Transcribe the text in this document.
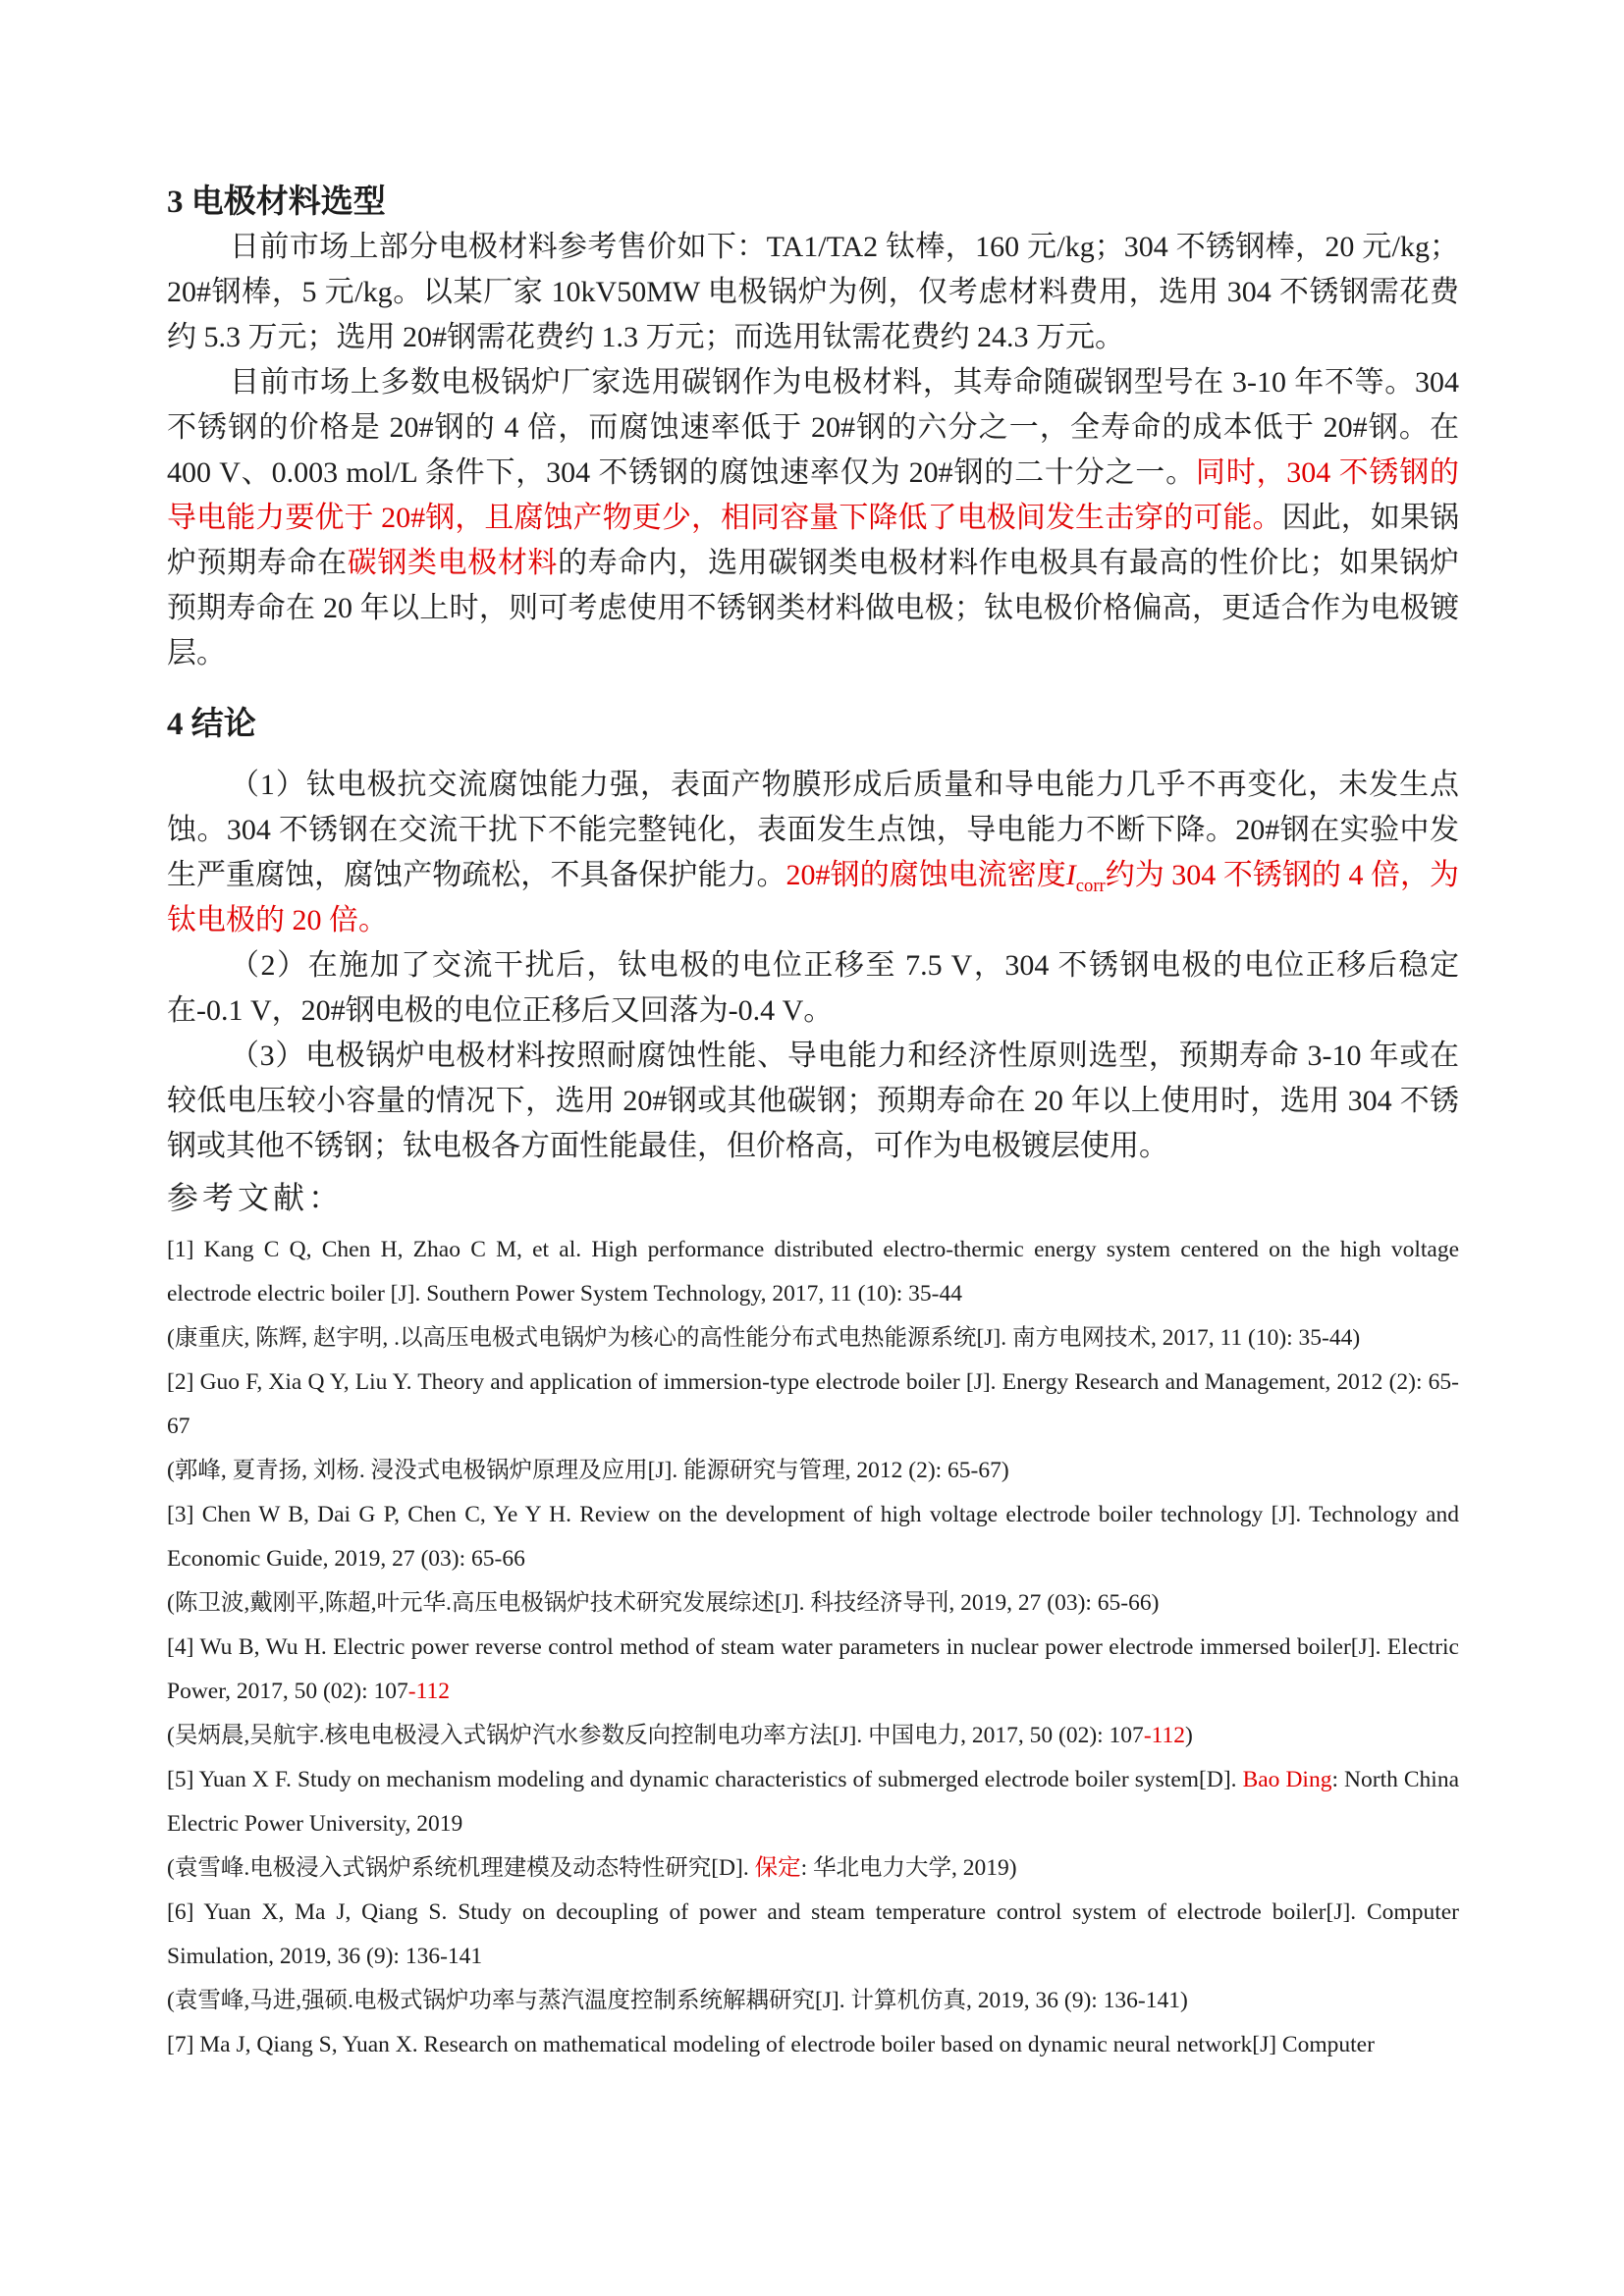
3 电极材料选型

日前市场上部分电极材料参考售价如下：TA1/TA2 钛棒，160 元/kg；304 不锈钢棒，20 元/kg；20#钢棒，5 元/kg。以某厂家 10kV50MW 电极锅炉为例，仅考虑材料费用，选用 304 不锈钢需花费约 5.3 万元；选用 20#钢需花费约 1.3 万元；而选用钛需花费约 24.3 万元。

目前市场上多数电极锅炉厂家选用碳钢作为电极材料，其寿命随碳钢型号在 3-10 年不等。304 不锈钢的价格是 20#钢的 4 倍，而腐蚀速率低于 20#钢的六分之一，全寿命的成本低于 20#钢。在 400 V、0.003 mol/L 条件下，304 不锈钢的腐蚀速率仅为 20#钢的二十分之一。同时，304 不锈钢的导电能力要优于 20#钢，且腐蚀产物更少，相同容量下降低了电极间发生击穿的可能。因此，如果锅炉预期寿命在碳钢类电极材料的寿命内，选用碳钢类电极材料作电极具有最高的性价比；如果锅炉预期寿命在 20 年以上时，则可考虑使用不锈钢类材料做电极；钛电极价格偏高，更适合作为电极镀层。

4 结论

（1）钛电极抗交流腐蚀能力强，表面产物膜形成后质量和导电能力几乎不再变化，未发生点蚀。304 不锈钢在交流干扰下不能完整钝化，表面发生点蚀，导电能力不断下降。20#钢在实验中发生严重腐蚀，腐蚀产物疏松，不具备保护能力。20#钢的腐蚀电流密度$I_{corr}$约为 304 不锈钢的 4 倍，为钛电极的 20 倍。

（2）在施加了交流干扰后，钛电极的电位正移至 7.5 V，304 不锈钢电极的电位正移后稳定在-0.1 V，20#钢电极的电位正移后又回落为-0.4 V。

（3）电极锅炉电极材料按照耐腐蚀性能、导电能力和经济性原则选型，预期寿命 3-10 年或在较低电压较小容量的情况下，选用 20#钢或其他碳钢；预期寿命在 20 年以上使用时，选用 304 不锈钢或其他不锈钢；钛电极各方面性能最佳，但价格高，可作为电极镀层使用。

参考文献：

[1] Kang C Q, Chen H, Zhao C M, et al. High performance distributed electro-thermic energy system centered on the high voltage electrode electric boiler [J]. Southern Power System Technology, 2017, 11 (10): 35-44

(康重庆, 陈辉, 赵宇明, .以高压电极式电锅炉为核心的高性能分布式电热能源系统[J]. 南方电网技术, 2017, 11 (10): 35-44)

[2] Guo F, Xia Q Y, Liu Y. Theory and application of immersion-type electrode boiler [J]. Energy Research and Management, 2012 (2): 65-67

(郭峰, 夏青扬, 刘杨. 浸没式电极锅炉原理及应用[J]. 能源研究与管理, 2012 (2): 65-67)

[3] Chen W B, Dai G P, Chen C, Ye Y H. Review on the development of high voltage electrode boiler technology [J]. Technology and Economic Guide, 2019, 27 (03): 65-66

(陈卫波,戴刚平,陈超,叶元华.高压电极锅炉技术研究发展综述[J]. 科技经济导刊, 2019, 27 (03): 65-66)

[4] Wu B, Wu H. Electric power reverse control method of steam water parameters in nuclear power electrode immersed boiler[J]. Electric Power, 2017, 50 (02): 107-112

(吴炳晨,吴航宇.核电电极浸入式锅炉汽水参数反向控制电功率方法[J]. 中国电力, 2017, 50 (02): 107-112)

[5] Yuan X F. Study on mechanism modeling and dynamic characteristics of submerged electrode boiler system[D]. Bao Ding: North China Electric Power University, 2019

(袁雪峰.电极浸入式锅炉系统机理建模及动态特性研究[D]. 保定: 华北电力大学, 2019)

[6] Yuan X, Ma J, Qiang S. Study on decoupling of power and steam temperature control system of electrode boiler[J]. Computer Simulation, 2019, 36 (9): 136-141

(袁雪峰,马进,强硕.电极式锅炉功率与蒸汽温度控制系统解耦研究[J]. 计算机仿真, 2019, 36 (9): 136-141)

[7] Ma J, Qiang S, Yuan X. Research on mathematical modeling of electrode boiler based on dynamic neural network[J] Computer
